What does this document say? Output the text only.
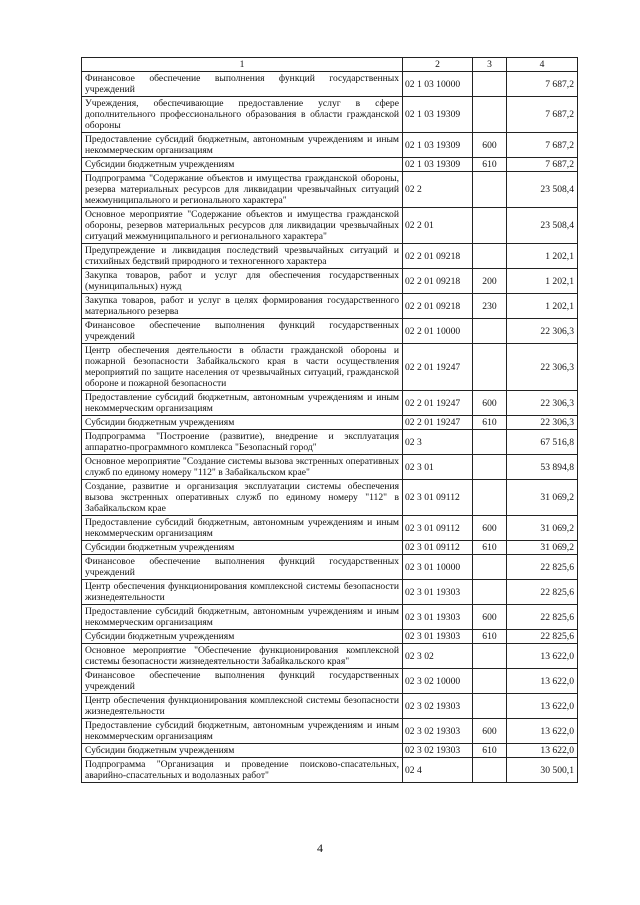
1	2	3	4
Финансовое обеспечение выполнения функций государственных учреждений	02 1 03 10000		7 687,2
Учреждения, обеспечивающие предоставление услуг в сфере дополнительного профессионального образования в области гражданской обороны	02 1 03 19309		7 687,2
Предоставление субсидий бюджетным, автономным учреждениям и иным некоммерческим организациям	02 1 03 19309	600	7 687,2
Субсидии бюджетным учреждениям	02 1 03 19309	610	7 687,2
Подпрограмма "Содержание объектов и имущества гражданской обороны, резерва материальных ресурсов для ликвидации чрезвычайных ситуаций межмуниципального и регионального характера"	02 2		23 508,4
Основное мероприятие "Содержание объектов и имущества гражданской обороны, резервов материальных ресурсов для ликвидации чрезвычайных ситуаций межмуниципального и регионального характера"	02 2 01		23 508,4
Предупреждение и ликвидация последствий чрезвычайных ситуаций и стихийных бедствий природного и техногенного характера	02 2 01 09218		1 202,1
Закупка товаров, работ и услуг для обеспечения государственных (муниципальных) нужд	02 2 01 09218	200	1 202,1
Закупка товаров, работ и услуг в целях формирования государственного материального резерва	02 2 01 09218	230	1 202,1
Финансовое обеспечение выполнения функций государственных учреждений	02 2 01 10000		22 306,3
Центр обеспечения деятельности в области гражданской обороны и пожарной безопасности Забайкальского края в части осуществления мероприятий по защите населения от чрезвычайных ситуаций, гражданской обороне и пожарной безопасности	02 2 01 19247		22 306,3
Предоставление субсидий бюджетным, автономным учреждениям и иным некоммерческим организациям	02 2 01 19247	600	22 306,3
Субсидии бюджетным учреждениям	02 2 01 19247	610	22 306,3
Подпрограмма "Построение (развитие), внедрение и эксплуатация аппаратно-программного комплекса "Безопасный город"	02 3		67 516,8
Основное мероприятие "Создание системы вызова экстренных оперативных служб по единому номеру "112" в Забайкальском крае"	02 3 01		53 894,8
Создание, развитие и организация эксплуатации системы обеспечения вызова экстренных оперативных служб по единому номеру "112" в Забайкальском крае	02 3 01 09112		31 069,2
Предоставление субсидий бюджетным, автономным учреждениям и иным некоммерческим организациям	02 3 01 09112	600	31 069,2
Субсидии бюджетным учреждениям	02 3 01 09112	610	31 069,2
Финансовое обеспечение выполнения функций государственных учреждений	02 3 01 10000		22 825,6
Центр обеспечения функционирования комплексной системы безопасности жизнедеятельности	02 3 01 19303		22 825,6
Предоставление субсидий бюджетным, автономным учреждениям и иным некоммерческим организациям	02 3 01 19303	600	22 825,6
Субсидии бюджетным учреждениям	02 3 01 19303	610	22 825,6
Основное мероприятие "Обеспечение функционирования комплексной системы безопасности жизнедеятельности Забайкальского края"	02 3 02		13 622,0
Финансовое обеспечение выполнения функций государственных учреждений	02 3 02 10000		13 622,0
Центр обеспечения функционирования комплексной системы безопасности жизнедеятельности	02 3 02 19303		13 622,0
Предоставление субсидий бюджетным, автономным учреждениям и иным некоммерческим организациям	02 3 02 19303	600	13 622,0
Субсидии бюджетным учреждениям	02 3 02 19303	610	13 622,0
Подпрограмма "Организация и проведение поисково-спасательных, аварийно-спасательных и водолазных работ"	02 4		30 500,1
4
